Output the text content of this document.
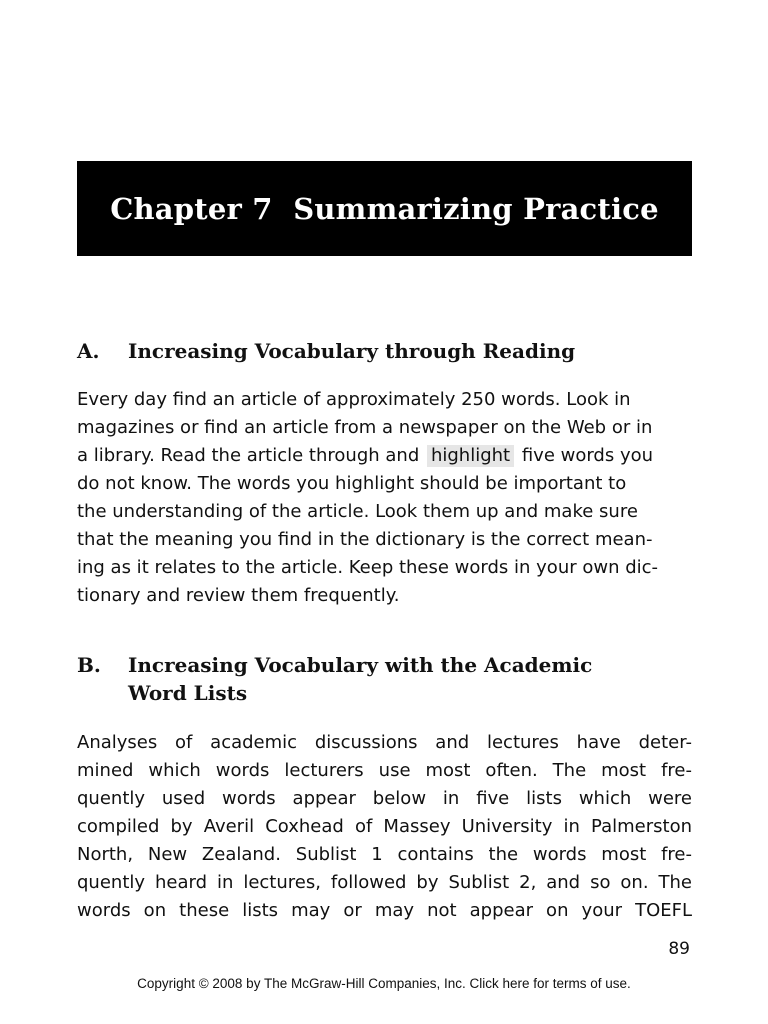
Chapter 7  Summarizing Practice
A. Increasing Vocabulary through Reading
Every day find an article of approximately 250 words. Look in
magazines or find an article from a newspaper on the Web or in
a library. Read the article through and highlight five words you
do not know. The words you highlight should be important to
the understanding of the article. Look them up and make sure
that the meaning you find in the dictionary is the correct mean-
ing as it relates to the article. Keep these words in your own dic-
tionary and review them frequently.
B. Increasing Vocabulary with the Academic
Word Lists
Analyses of academic discussions and lectures have deter-
mined which words lecturers use most often. The most fre-
quently used words appear below in five lists which were
compiled by Averil Coxhead of Massey University in Palmerston
North, New Zealand. Sublist 1 contains the words most fre-
quently heard in lectures, followed by Sublist 2, and so on. The
words on these lists may or may not appear on your TOEFL
89
Copyright © 2008 by The McGraw-Hill Companies, Inc. Click here for terms of use.
